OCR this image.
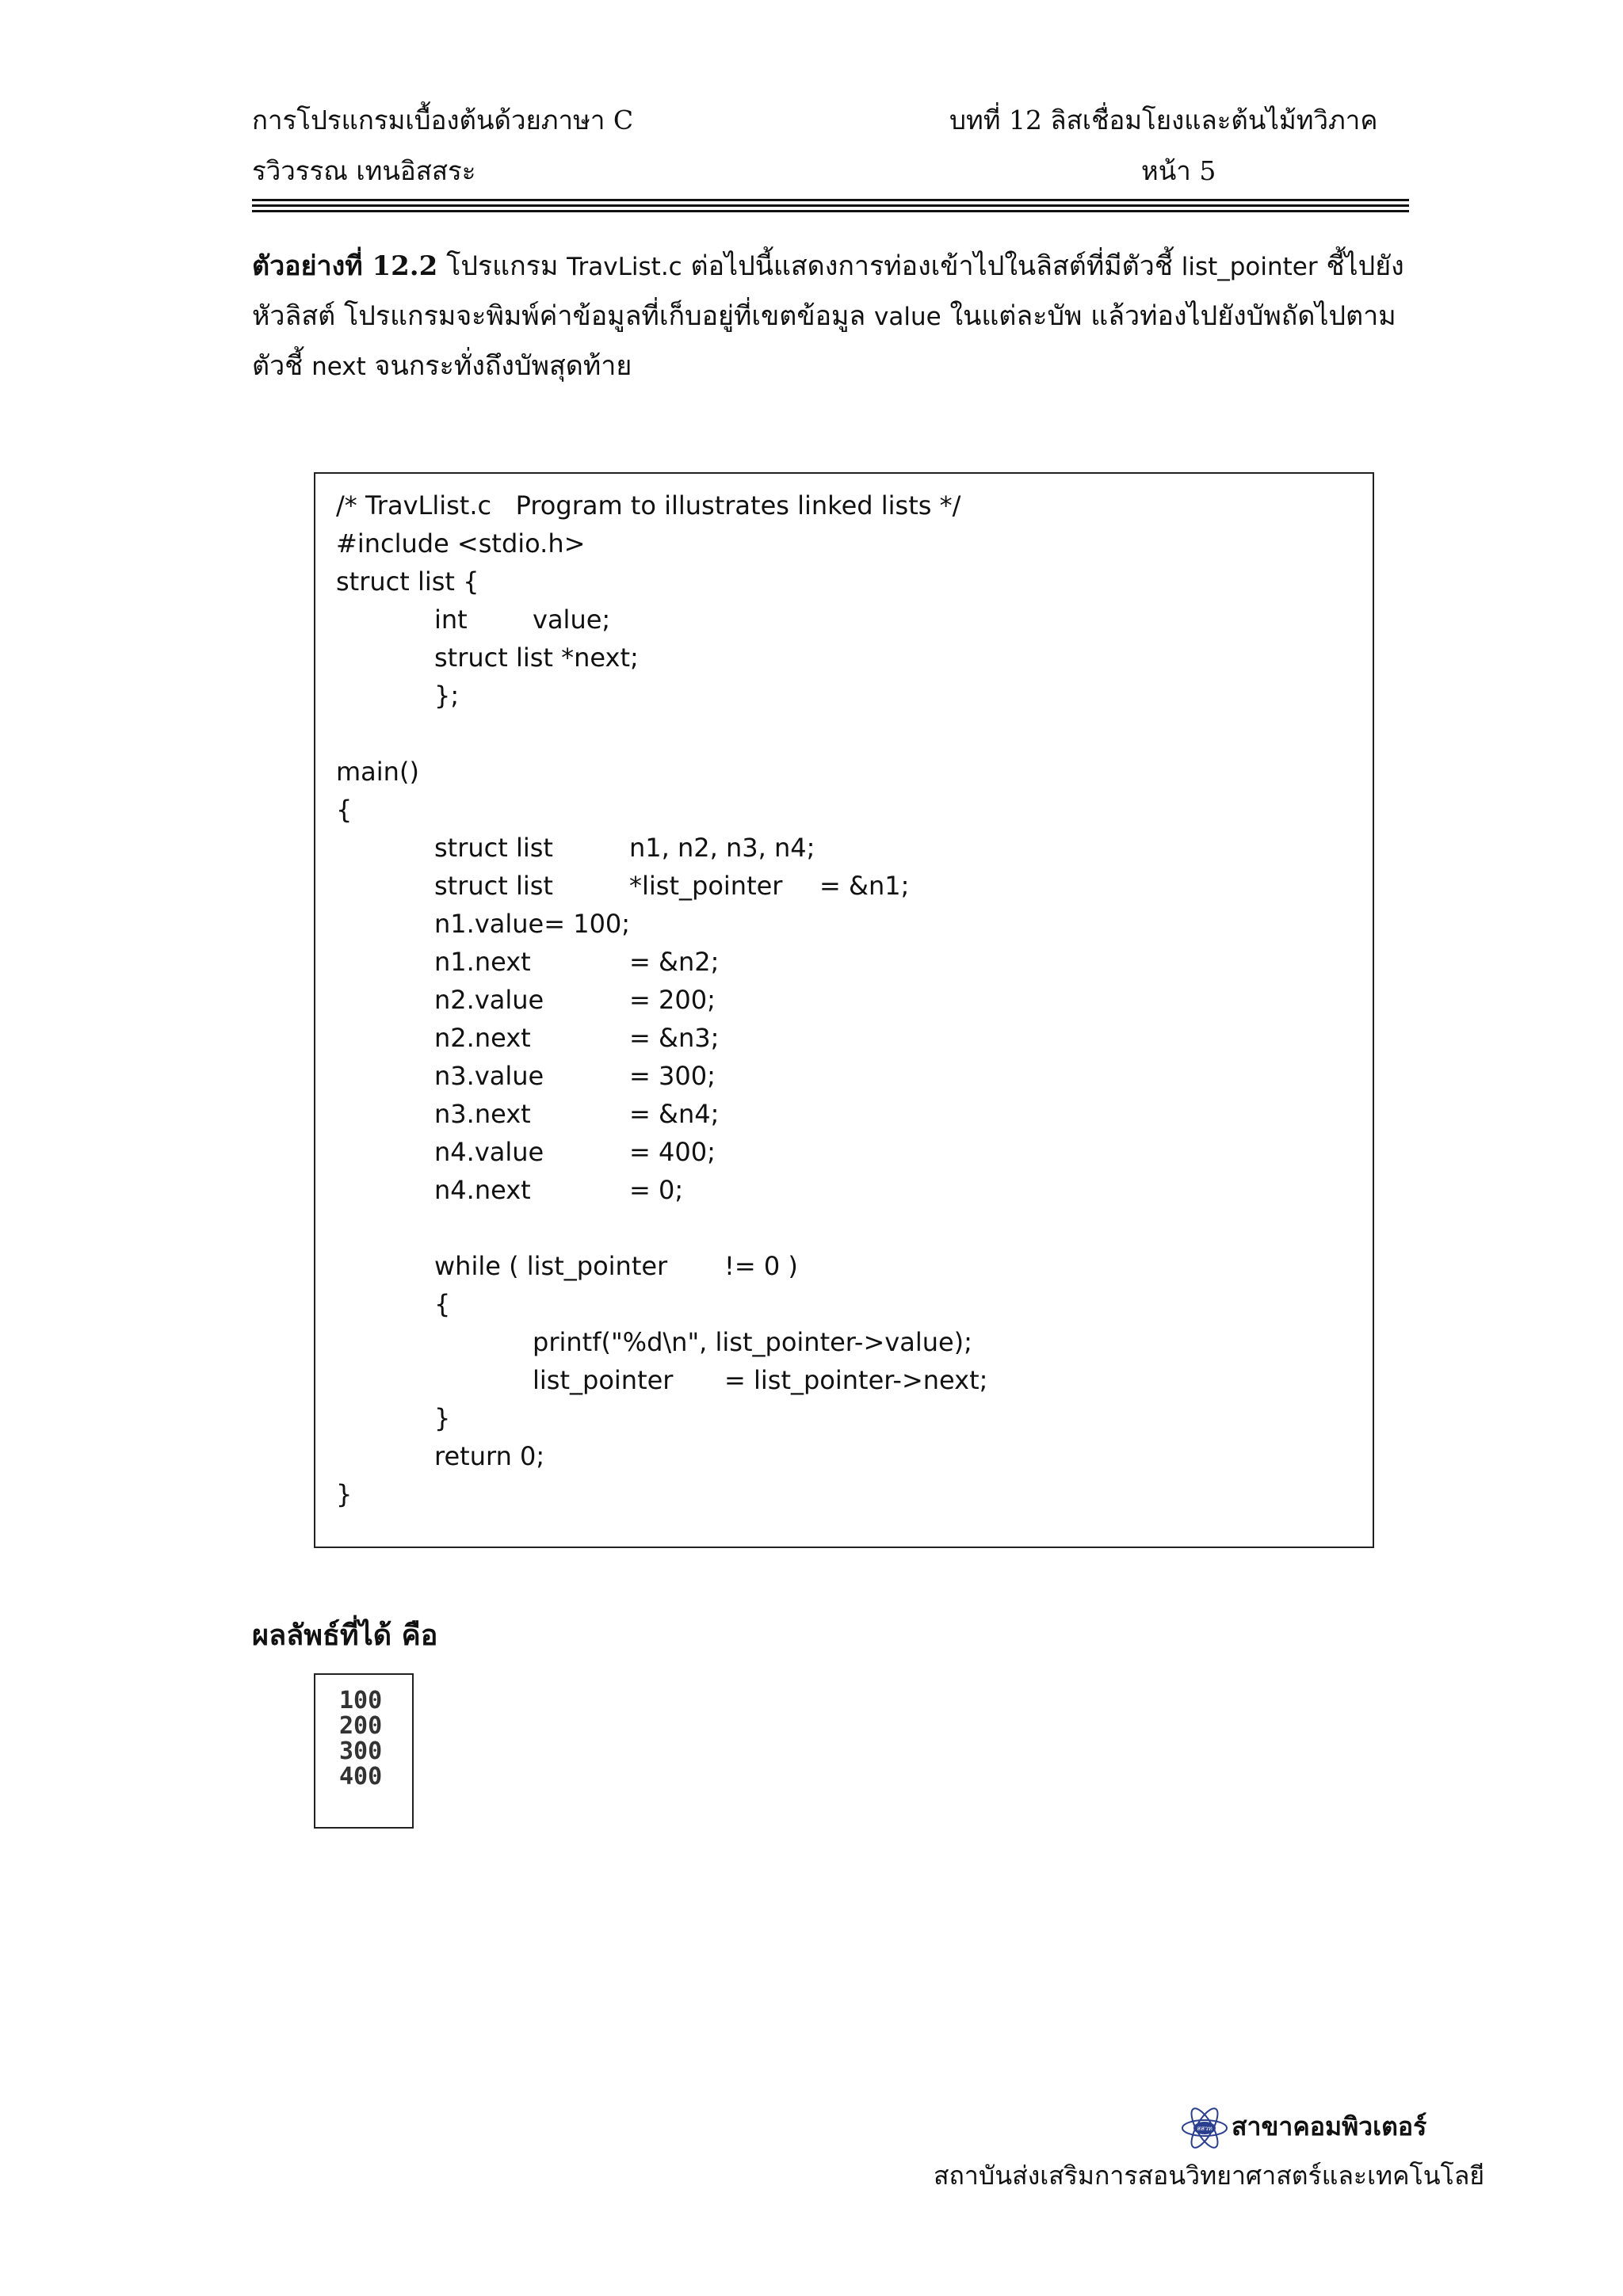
การโปรแกรมเบื้องต้นด้วยภาษา C	บทที่ 12 ลิสเชื่อมโยงและต้นไม้ทวิภาค
รวิวรรณ เทนอิสสระ	หน้า 5
ตัวอย่างที่ 12.2 โปรแกรม TravList.c ต่อไปนี้แสดงการท่องเข้าไปในลิสต์ที่มีตัวชี้ list_pointer ชี้ไปยังหัวลิสต์ โปรแกรมจะพิมพ์ค่าข้อมูลที่เก็บอยู่ที่เขตข้อมูล value ในแต่ละบัพ แล้วท่องไปยังบัพถัดไปตามตัวชี้ next จนกระทั่งถึงบัพสุดท้าย
/* TravLlist.c   Program to illustrates linked lists */
#include <stdio.h>
struct list {
int	value;
struct list *next;
};
main()
{
struct list	n1, n2, n3, n4;
struct list	*list_pointer = &n1;
n1.value= 100;
n1.next	= &n2;
n2.value	= 200;
n2.next	= &n3;
n3.value	= 300;
n3.next	= &n4;
n4.value	= 400;
n4.next	= 0;
while ( list_pointer != 0 )
{
printf("%d\n", list_pointer->value);
list_pointer = list_pointer->next;
}
return 0;
}
ผลลัพธ์ที่ได้ คือ
100
200
300
400
สสวท สาขาคอมพิวเตอร์
สถาบันส่งเสริมการสอนวิทยาศาสตร์และเทคโนโลยี
